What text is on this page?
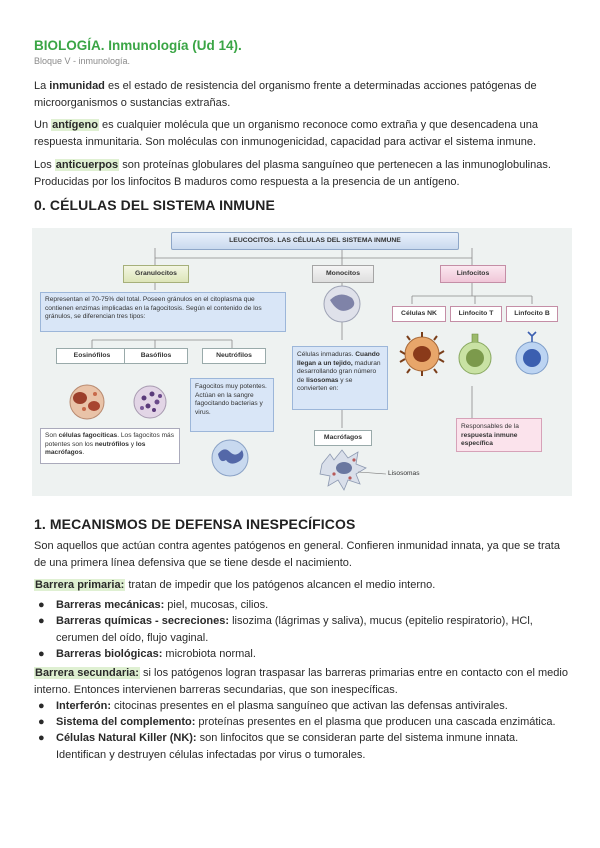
BIOLOGÍA. Inmunología (Ud 14).
Bloque V - inmunología.
La inmunidad es el estado de resistencia del organismo frente a determinadas acciones patógenas de microorganismos o sustancias extrañas.
Un antígeno es cualquier molécula que un organismo reconoce como extraña y que desencadena una respuesta inmunitaria. Son moléculas con inmunogenicidad, capacidad para activar el sistema inmune.
Los anticuerpos son proteínas globulares del plasma sanguíneo que pertenecen a las inmunoglobulinas. Producidas por los linfocitos B maduros como respuesta a la presencia de un antígeno.
0. CÉLULAS DEL SISTEMA INMUNE
LEUCOCITOS. LAS CÉLULAS DEL SISTEMA INMUNE
Granulocitos	Monocitos	Linfocitos
Representan el 70-75% del total. Poseen gránulos en el citoplasma que contienen enzimas implicadas en la fagocitosis. Según el contenido de los gránulos, se diferencian tres tipos:
Eosinófilos	Basófilos	Neutrófilos
Fagocitos muy potentes. Actúan en la sangre fagocitando bacterias y virus.
Son células fagocíticas. Los fagocitos más potentes son los neutrófilos y los macrófagos.
Células inmaduras. Cuando llegan a un tejido, maduran desarrollando gran número de lisosomas y se convierten en:
Macrófagos
Lisosomas
Células NK	Linfocito T	Linfocito B
Responsables de la respuesta inmune específica
1. MECANISMOS DE DEFENSA INESPECÍFICOS
Son aquellos que actúan contra agentes patógenos en general. Confieren inmunidad innata, ya que se trata de una primera línea defensiva que se tiene desde el nacimiento.
Barrera primaria: tratan de impedir que los patógenos alcancen el medio interno.
● Barreras mecánicas: piel, mucosas, cilios.
● Barreras químicas - secreciones: lisozima (lágrimas y saliva), mucus (epitelio respiratorio), HCl, cerumen del oído, flujo vaginal.
● Barreras biológicas: microbiota normal.
Barrera secundaria: si los patógenos logran traspasar las barreras primarias entre en contacto con el medio interno. Entonces intervienen barreras secundarias, que son inespecíficas.
● Interferón: citocinas presentes en el plasma sanguíneo que activan las defensas antivirales.
● Sistema del complemento: proteínas presentes en el plasma que producen una cascada enzimática.
● Células Natural Killer (NK): son linfocitos que se consideran parte del sistema inmune innata. Identifican y destruyen células infectadas por virus o tumorales.
